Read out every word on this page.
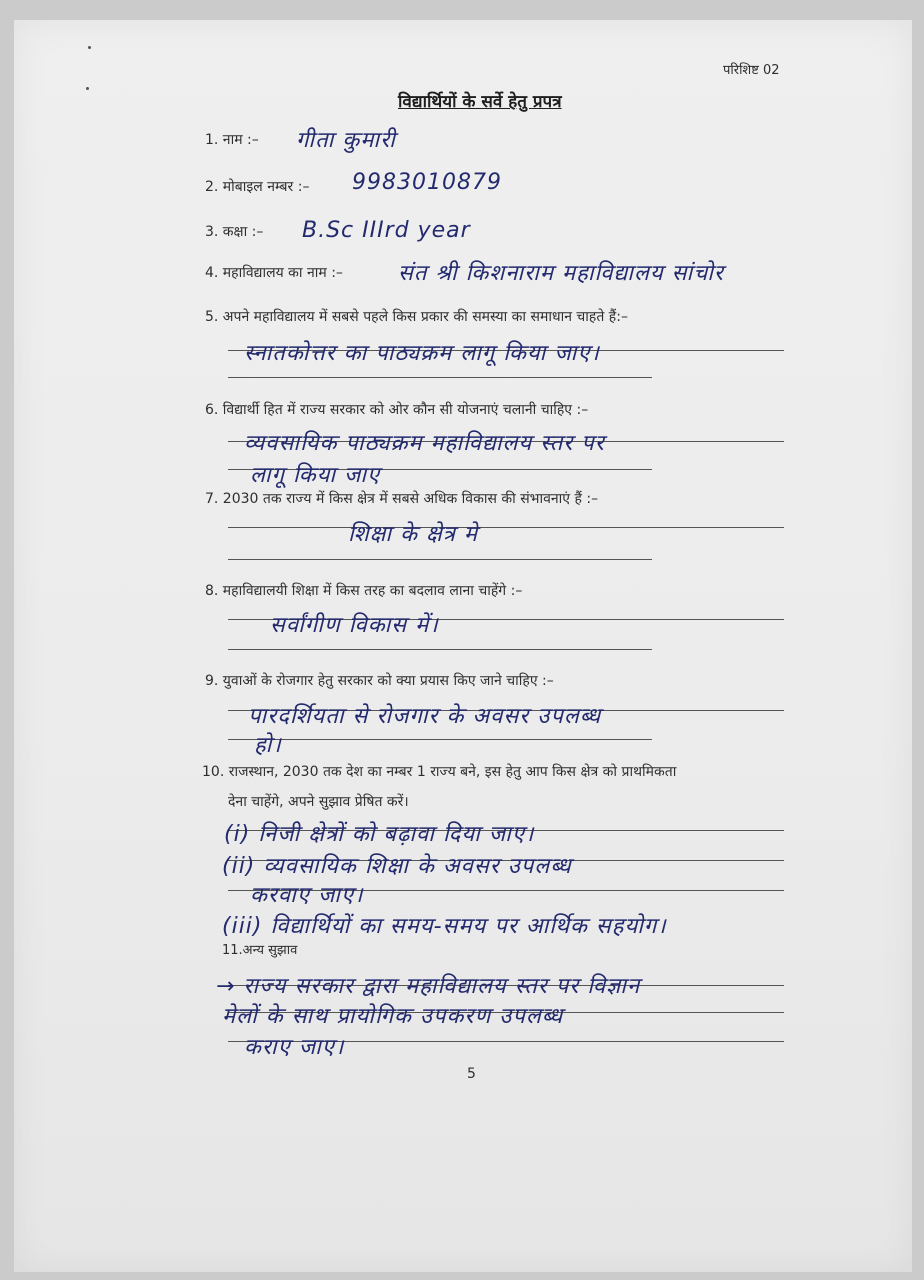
परिशिष्ट 02
विद्यार्थियों के सर्वे हेतु प्रपत्र
1. नाम :– गीता कुमारी
2. मोबाइल नम्बर :– 9983010879
3. कक्षा :– B.Sc IIIrd year
4. महाविद्यालय का नाम :–	संत श्री किशनाराम महाविद्यालय सांचोर
5. अपने महाविद्यालय में सबसे पहले किस प्रकार की समस्या का समाधान चाहते हैं:–
स्नातकोत्तर का पाठ्यक्रम लागू किया जाए।
6. विद्यार्थी हित में राज्य सरकार को ओर कौन सी योजनाएं चलानी चाहिए :–
व्यवसायिक पाठ्यक्रम महाविद्यालय स्तर पर
लागू किया जाए
7. 2030 तक राज्य में किस क्षेत्र में सबसे अधिक विकास की संभावनाएं हैं :–
शिक्षा के क्षेत्र मे
8. महाविद्यालयी शिक्षा में किस तरह का बदलाव लाना चाहेंगे :–
सर्वांगीण विकास में।
9. युवाओं के रोजगार हेतु सरकार को क्या प्रयास किए जाने चाहिए :–
पारदर्शियता से रोजगार के अवसर उपलब्ध
हो।
10. राजस्थान, 2030 तक देश का नम्बर 1 राज्य बने, इस हेतु आप किस क्षेत्र को प्राथमिकता
देना चाहेंगे, अपने सुझाव प्रेषित करें।
(i) निजी क्षेत्रों को बढ़ावा दिया जाए।
(ii) व्यवसायिक शिक्षा के अवसर उपलब्ध
करवाए जाए।
(iii) विद्यार्थियों का समय-समय पर आर्थिक सहयोग।
11.अन्य सुझाव
→ राज्य सरकार द्वारा महाविद्यालय स्तर पर विज्ञान
मेलों के साथ प्रायोगिक उपकरण उपलब्ध
कराए जाए।
5
